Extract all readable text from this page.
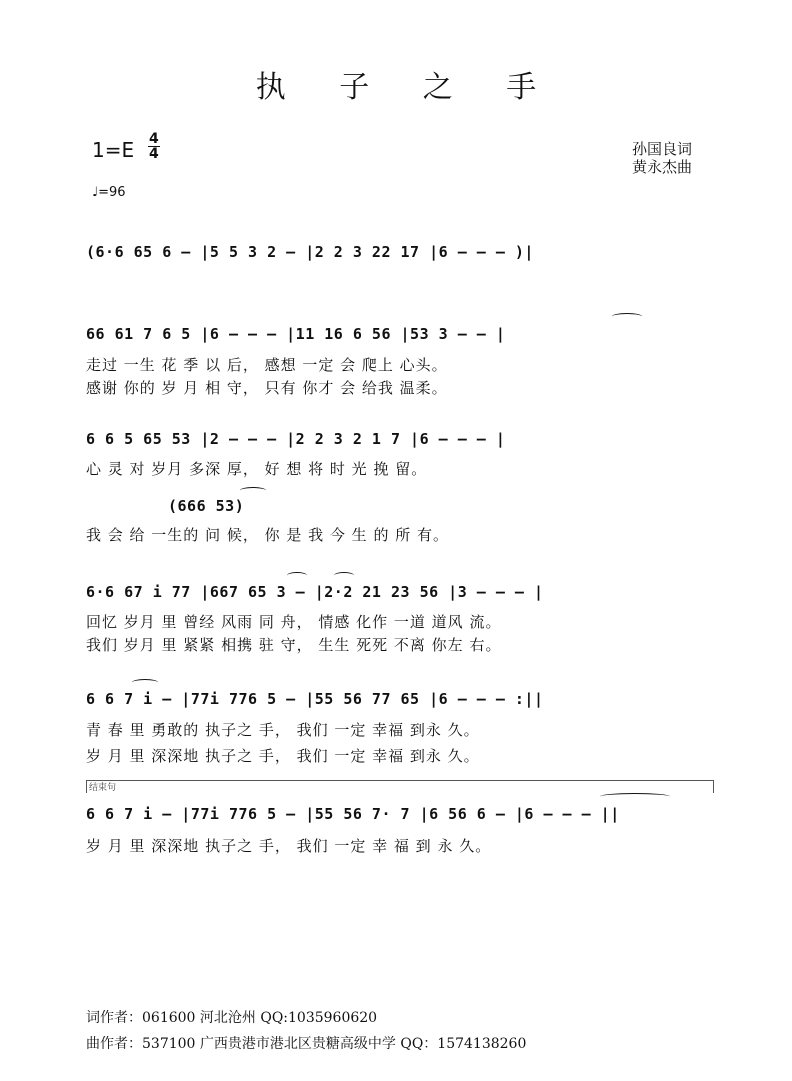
执 子 之 手
1=E 4
4	孙国良词
黄永杰曲
♩=96
(6·6 65 6 – |5 5 3 2 – |2 2 3 22 17 |6 – – – )|
66 61 7 6 5 |6 – – – |11 16 6 56 |53 3 – – |
走过 一生 花 季 以 后， 感想 一定 会 爬上 心头。
感谢 你的 岁 月 相 守， 只有 你才 会 给我 温柔。
6 6 5 65 53 |2 – – – |2 2 3 2 1 7 |6 – – – |
心 灵 对 岁月 多深 厚， 好 想 将 时 光 挽 留。
(666 53)
我 会 给 一生的 问 候， 你 是 我 今 生 的 所 有。
6·6 67 i 77 |667 65 3 – |2·2 21 23 56 |3 – – – |
回忆 岁月 里 曾经 风雨 同 舟， 情感 化作 一道 道风 流。
我们 岁月 里 紧紧 相携 驻 守， 生生 死死 不离 你左 右。
6 6 7 i – |77i 776 5 – |55 56 77 65 |6 – – – :||
青 春 里 勇敢的 执子之 手， 我们 一定 幸福 到永 久。
岁 月 里 深深地 执子之 手， 我们 一定 幸福 到永 久。
结束句
6 6 7 i – |77i 776 5 – |55 56 7· 7 |6 56 6 – |6 – – – ||
岁 月 里 深深地 执子之 手， 我们 一定 幸 福 到 永 久。
词作者：061600 河北沧州 QQ:1035960620
曲作者：537100 广西贵港市港北区贵糖高级中学 QQ：1574138260
